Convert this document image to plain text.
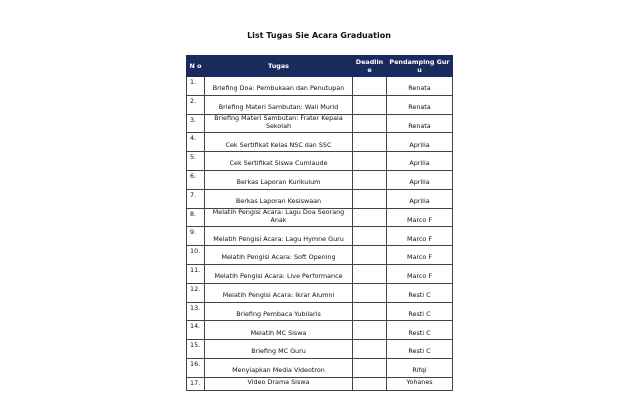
List Tugas Sie Acara Graduation
N o	Tugas	Deadlin e	Pendamping Guru
1.	Briefing Doa: Pembukaan dan Penutupan		Renata
2.	Briefing Materi Sambutan: Wali Murid		Renata
3.	Briefing Materi Sambutan: Frater Kepala Sekolah		Renata
4.	Cek Sertifikat Kelas NSC dan SSC		Aprilia
5.	Cek Sertifikat Siswa Cumlaude		Aprilia
6.	Berkas Laporan Kurikulum		Aprilia
7.	Berkas Laporan Kesiswaan		Aprilia
8.	Melatih Pengisi Acara: Lagu Doa Seorang Anak		Marco F
9.	Melatih Pengisi Acara: Lagu Hymne Guru		Marco F
10.	Melatih Pengisi Acara: Soft Opening		Marco F
11.	Melatih Pengisi Acara: Live Performance		Marco F
12.	Melatih Pengisi Acara: Ikrar Alumni		Resti C
13.	Briefing Pembaca Yubilaris		Resti C
14.	Melatih MC Siswa		Resti C
15.	Briefing MC Guru		Resti C
16.	Menyiapkan Media Videotron		Rifqi
17.	Video Drama Siswa		Yohanes
